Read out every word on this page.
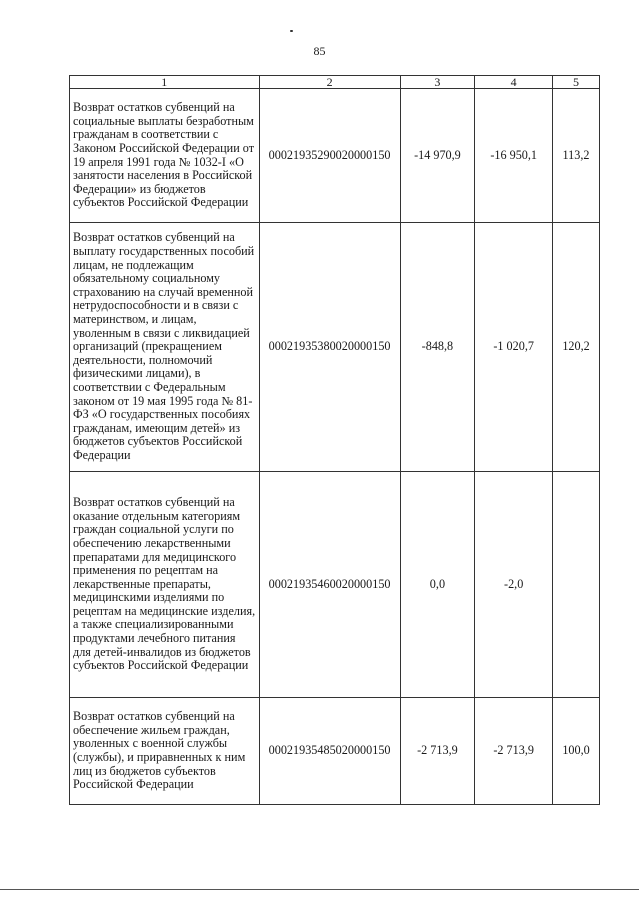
85
1	2	3	4	5
Возврат остатков субвенций на социальные выплаты безработным гражданам в соответствии с Законом Российской Федерации от 19 апреля 1991 года № 1032-I «О занятости населения в Российской Федерации» из бюджетов субъектов Российской Федерации	00021935290020000150	-14 970,9	-16 950,1	113,2
Возврат остатков субвенций на выплату государственных пособий лицам, не подлежащим обязательному социальному страхованию на случай временной нетрудоспособности и в связи с материнством, и лицам, уволенным в связи с ликвидацией организаций (прекращением деятельности, полномочий физическими лицами), в соответствии с Федеральным законом от 19 мая 1995 года № 81-ФЗ «О государственных пособиях гражданам, имеющим детей» из бюджетов субъектов Российской Федерации	00021935380020000150	-848,8	-1 020,7	120,2
Возврат остатков субвенций на оказание отдельным категориям граждан социальной услуги по обеспечению лекарственными препаратами для медицинского применения по рецептам на лекарственные препараты, медицинскими изделиями по рецептам на медицинские изделия, а также специализированными продуктами лечебного питания для детей-инвалидов из бюджетов субъектов Российской Федерации	00021935460020000150	0,0	-2,0	
Возврат остатков субвенций на обеспечение жильем граждан, уволенных с военной службы (службы), и приравненных к ним лиц из бюджетов субъектов Российской Федерации	00021935485020000150	-2 713,9	-2 713,9	100,0
